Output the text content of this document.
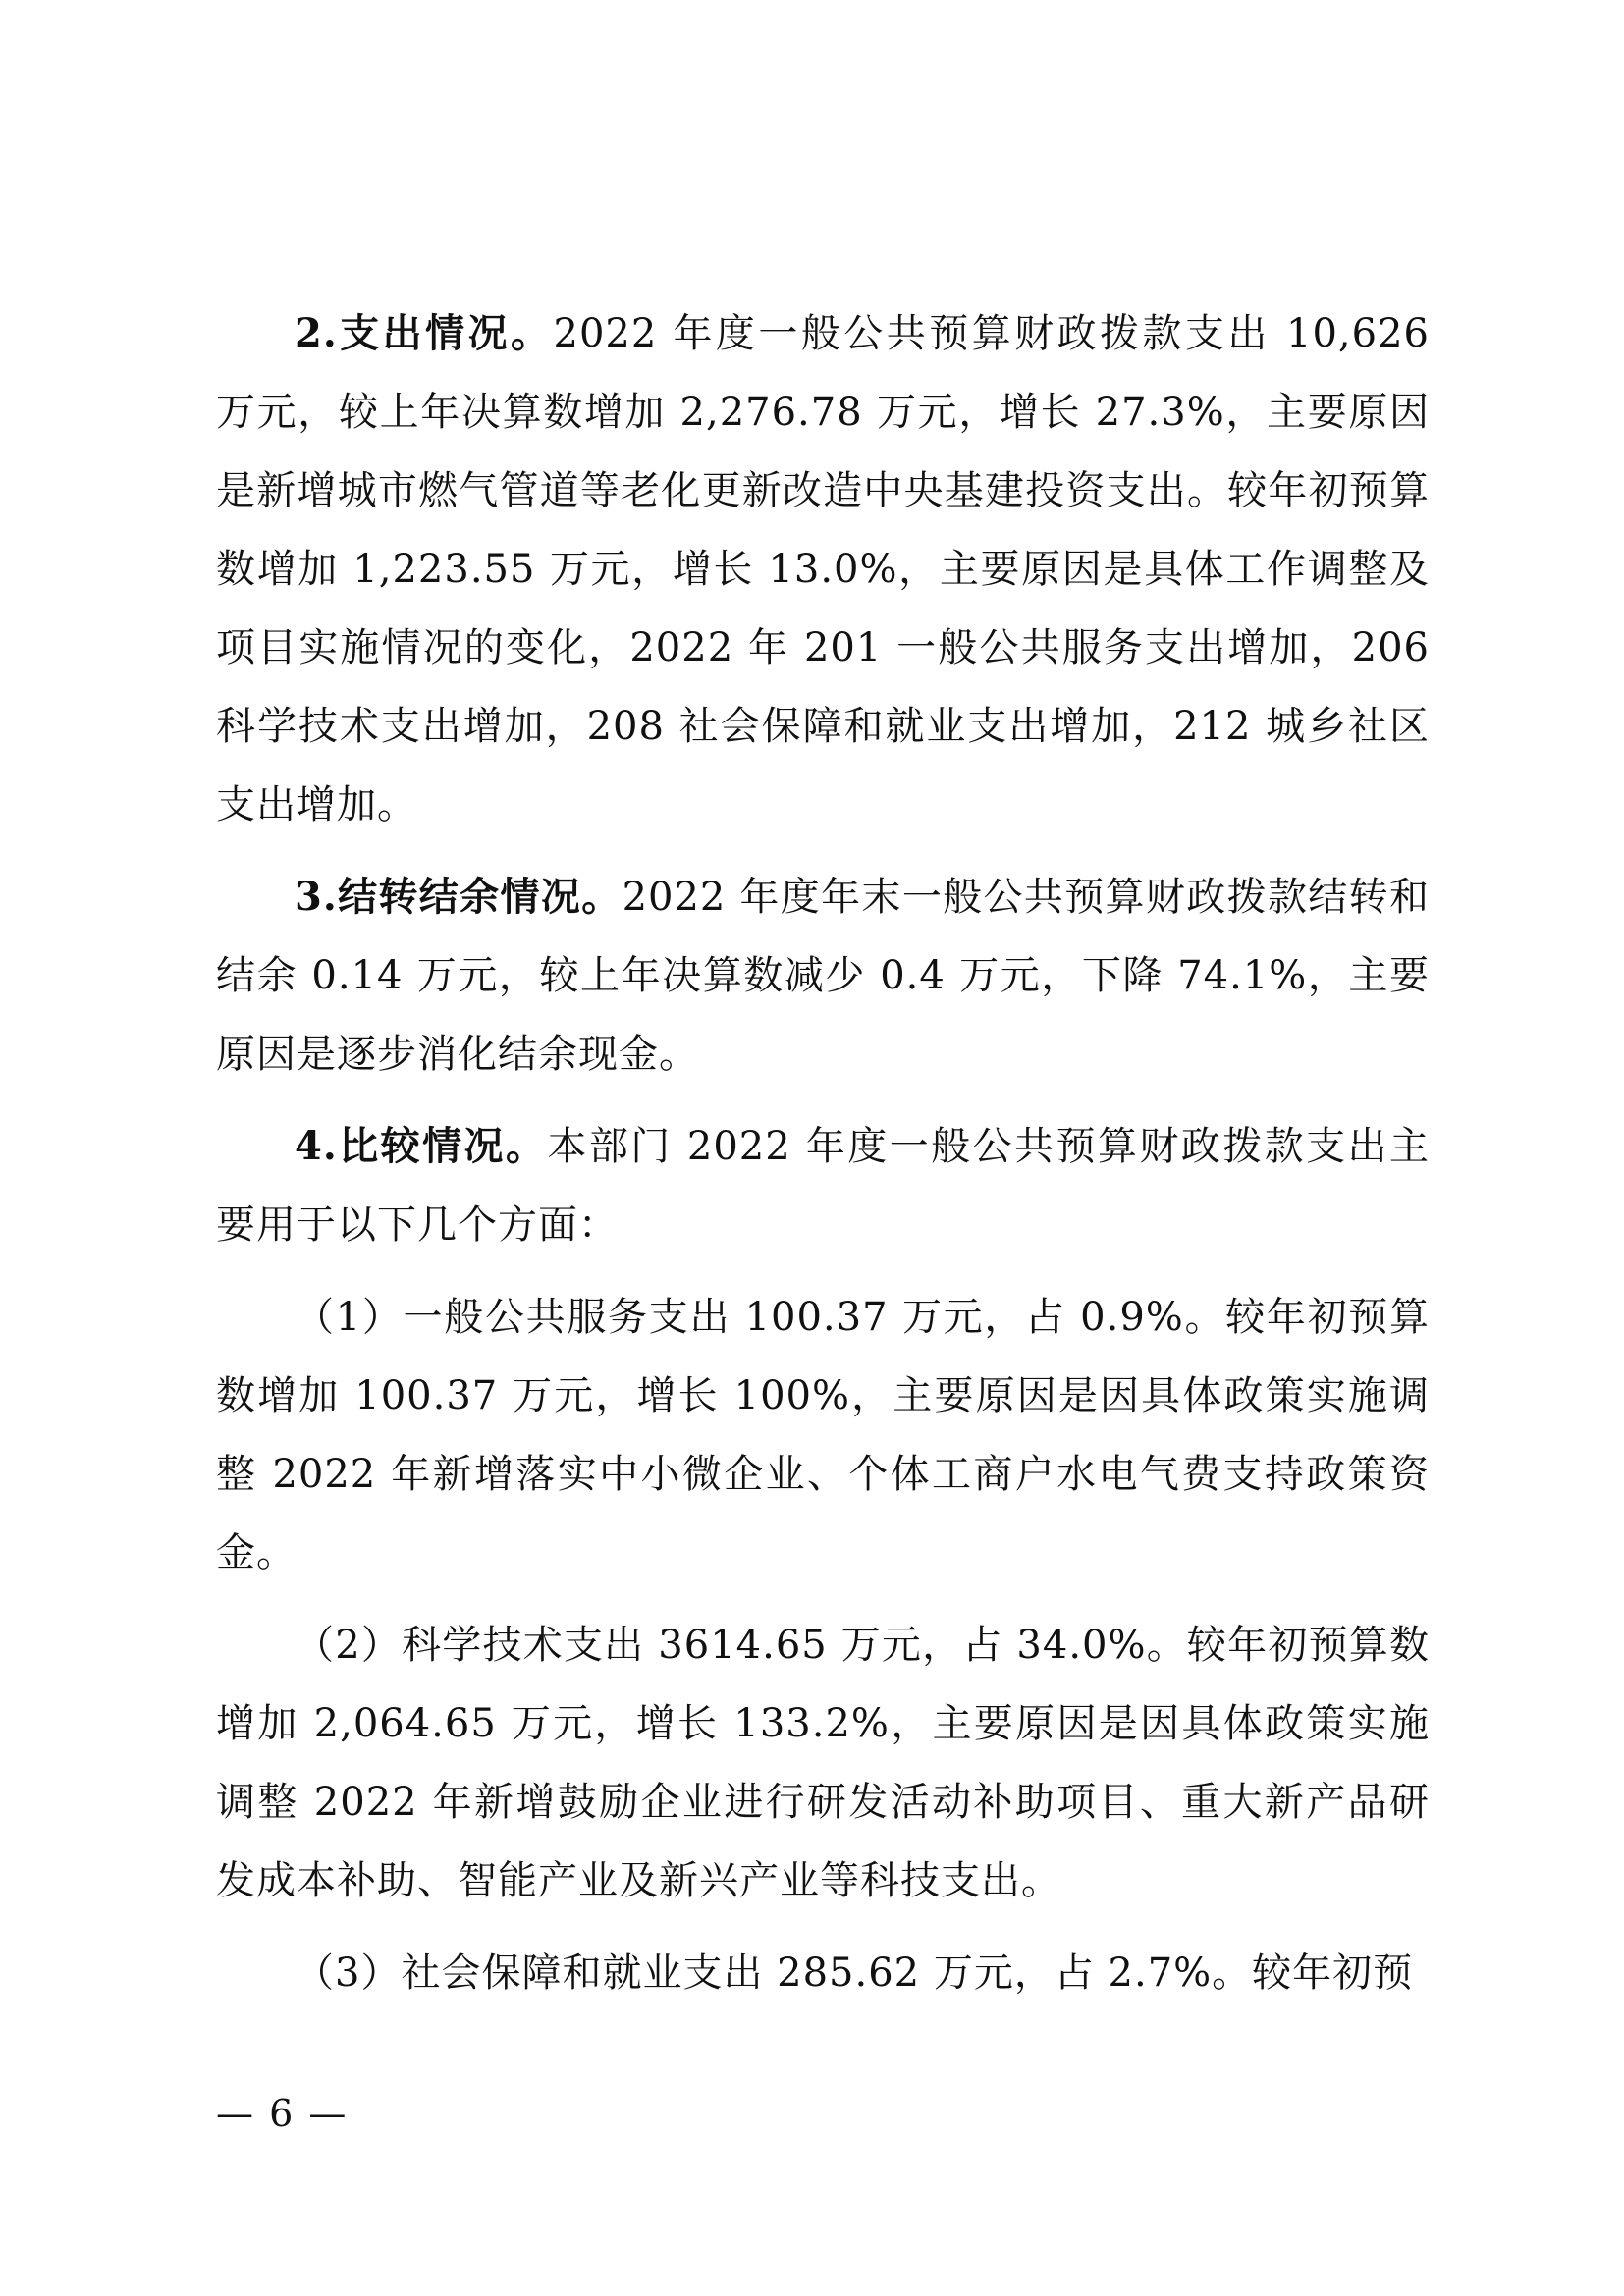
2.支出情况。2022 年度一般公共预算财政拨款支出 10,626 万元，较上年决算数增加 2,276.78 万元，增长 27.3%，主要原因是新增城市燃气管道等老化更新改造中央基建投资支出。较年初预算数增加 1,223.55 万元，增长 13.0%，主要原因是具体工作调整及项目实施情况的变化，2022 年 201 一般公共服务支出增加，206 科学技术支出增加，208 社会保障和就业支出增加，212 城乡社区支出增加。

3.结转结余情况。2022 年度年末一般公共预算财政拨款结转和结余 0.14 万元，较上年决算数减少 0.4 万元，下降 74.1%，主要原因是逐步消化结余现金。

4.比较情况。本部门 2022 年度一般公共预算财政拨款支出主要用于以下几个方面：

（1）一般公共服务支出 100.37 万元，占 0.9%。较年初预算数增加 100.37 万元，增长 100%，主要原因是因具体政策实施调整 2022 年新增落实中小微企业、个体工商户水电气费支持政策资金。

（2）科学技术支出 3614.65 万元，占 34.0%。较年初预算数增加 2,064.65 万元，增长 133.2%，主要原因是因具体政策实施调整 2022 年新增鼓励企业进行研发活动补助项目、重大新产品研发成本补助、智能产业及新兴产业等科技支出。

（3）社会保障和就业支出 285.62 万元，占 2.7%。较年初预

— 6 —
